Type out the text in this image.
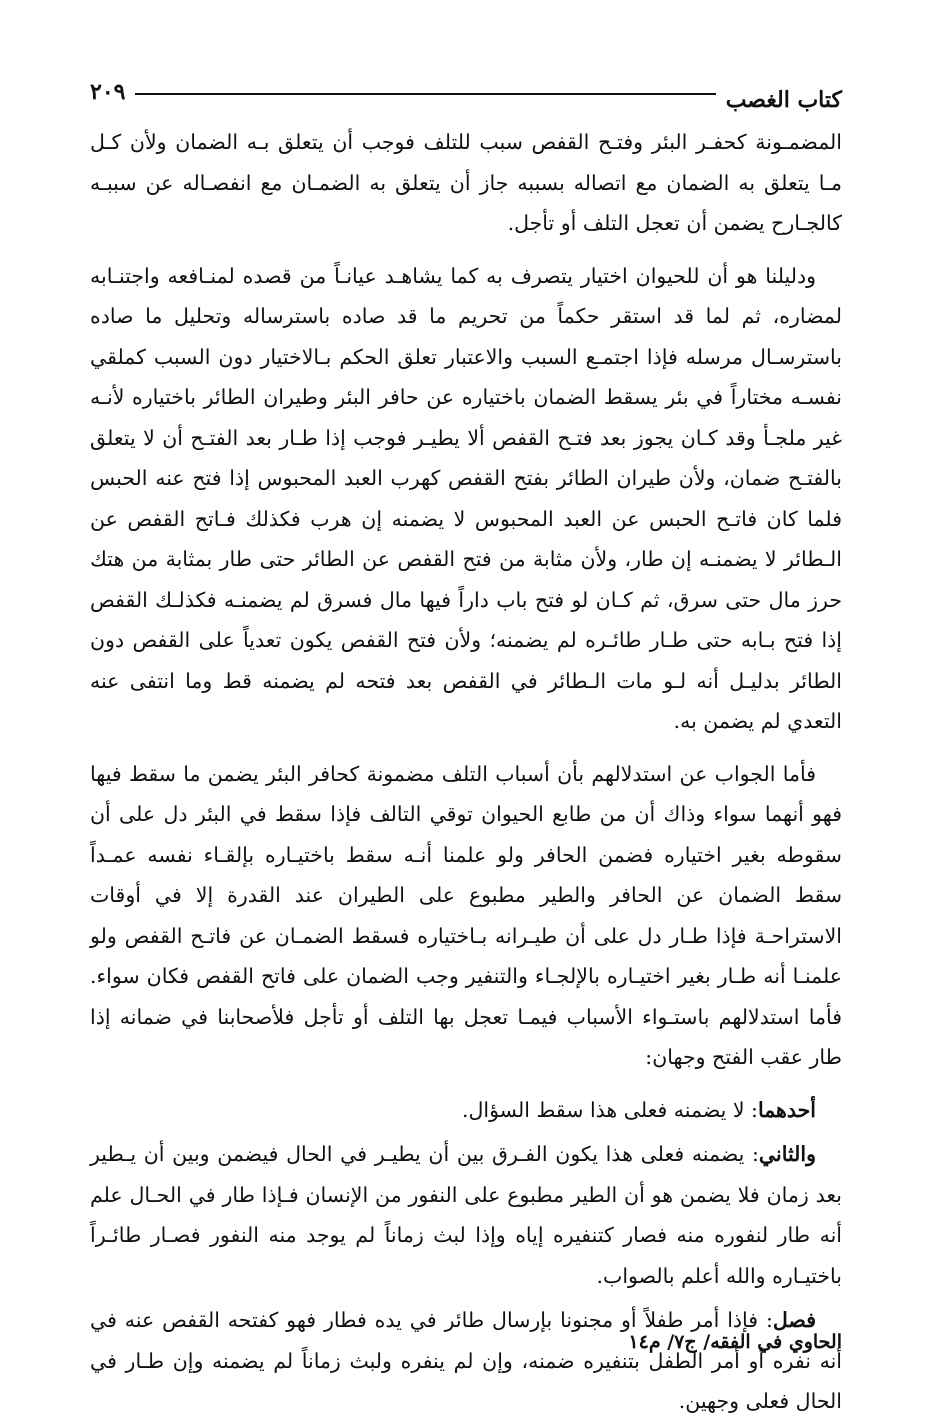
كتاب الغصب
٢٠٩

المضمـونة كحفـر البئر وفتـح القفص سبب للتلف فوجب أن يتعلق بـه الضمان ولأن كـل مـا يتعلق به الضمان مع اتصاله بسببه جاز أن يتعلق به الضمـان مع انفصـاله عن سببـه كالجـارح يضمن أن تعجل التلف أو تأجل.

ودليلنا هو أن للحيوان اختيار يتصرف به كما يشاهـد عيانـاً من قصده لمنـافعه واجتنـابه لمضاره، ثم لما قد استقر حكماً من تحريم ما قد صاده باسترساله وتحليل ما صاده باسترسـال مرسله فإذا اجتمـع السبب والاعتبار تعلق الحكم بـالاختيار دون السبب كملقي نفسـه مختاراً في بئر يسقط الضمان باختياره عن حافر البئر وطيران الطائر باختياره لأنـه غير ملجـأ وقد كـان يجوز بعد فتـح القفص ألا يطيـر فوجب إذا طـار بعد الفتـح أن لا يتعلق بالفتـح ضمان، ولأن طيران الطائر بفتح القفص كهرب العبد المحبوس إذا فتح عنه الحبس فلما كان فاتـح الحبس عن العبد المحبوس لا يضمنه إن هرب فكذلك فـاتح القفص عن الـطائر لا يضمنـه إن طار، ولأن مثابة من فتح القفص عن الطائر حتى طار بمثابة من هتك حرز مال حتى سرق، ثم كـان لو فتح باب داراً فيها مال فسرق لم يضمنـه فكذلـك القفص إذا فتح بـابه حتى طـار طائـره لم يضمنه؛ ولأن فتح القفص يكون تعدياً على القفص دون الطائر بدليـل أنه لـو مات الـطائر في القفص بعد فتحه لم يضمنه قط وما انتفى عنه التعدي لم يضمن به.

فأما الجواب عن استدلالهم بأن أسباب التلف مضمونة كحافر البئر يضمن ما سقط فيها فهو أنهما سواء وذاك أن من طابع الحيوان توقي التالف فإذا سقط في البئر دل على أن سقوطه بغير اختياره فضمن الحافر ولو علمنا أنـه سقط باختيـاره بإلقـاء نفسه عمـداً سقط الضمان عن الحافر والطير مطبوع على الطيران عند القدرة إلا في أوقات الاستراحـة فإذا طـار دل على أن طيـرانه بـاختياره فسقط الضمـان عن فاتـح القفص ولو علمنـا أنه طـار بغير اختيـاره بالإلجـاء والتنفير وجب الضمان على فاتح القفص فكان سواء. فأما استدلالهم باستـواء الأسباب فيمـا تعجل بها التلف أو تأجل فلأصحابنا في ضمانه إذا طار عقب الفتح وجهان:

أحدهما: لا يضمنه فعلى هذا سقط السؤال.

والثاني: يضمنه فعلى هذا يكون الفـرق بين أن يطيـر في الحال فيضمن وبين أن يـطير بعد زمان فلا يضمن هو أن الطير مطبوع على النفور من الإنسان فـإذا طار في الحـال علم أنه طار لنفوره منه فصار كتنفيره إياه وإذا لبث زماناً لم يوجد منه النفور فصـار طائـراً باختيـاره والله أعلم بالصواب.

فصل: فإذا أمر طفلاً أو مجنونا بإرسال طائر في يده فطار فهو كفتحه القفص عنه في أنه نفره أو أمر الطفل بتنفيره ضمنه، وإن لم ينفره ولبث زماناً لم يضمنه وإن طـار في الحال فعلى وجهين.

الحاوي في الفقه/ ج٧/ م١٤
